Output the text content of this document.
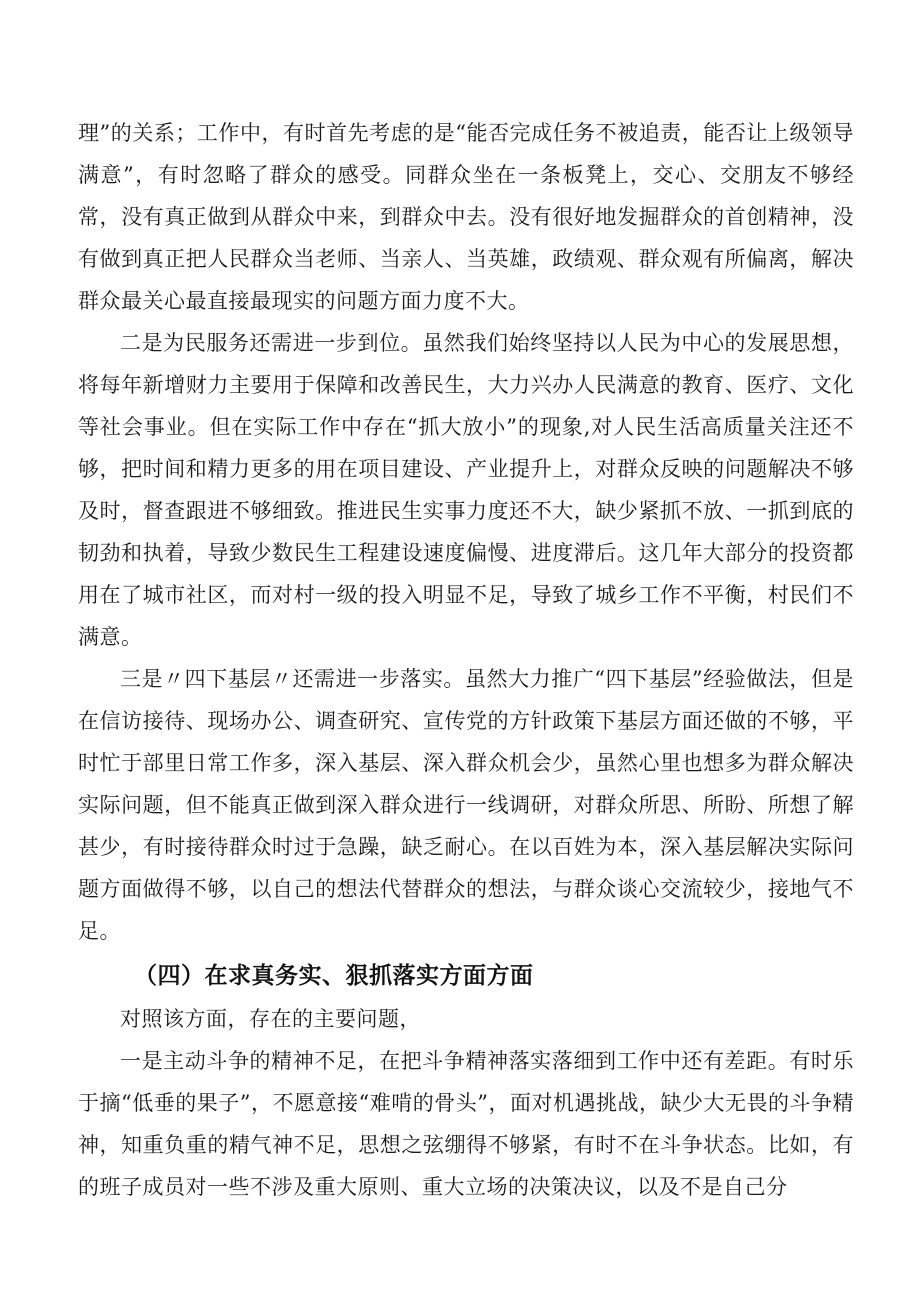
理”的关系；工作中，有时首先考虑的是“能否完成任务不被追责，能否让上级领导满意”，有时忽略了群众的感受。同群众坐在一条板凳上，交心、交朋友不够经常，没有真正做到从群众中来，到群众中去。没有很好地发掘群众的首创精神，没有做到真正把人民群众当老师、当亲人、当英雄，政绩观、群众观有所偏离，解决群众最关心最直接最现实的问题方面力度不大。

二是为民服务还需进一步到位。虽然我们始终坚持以人民为中心的发展思想，将每年新增财力主要用于保障和改善民生，大力兴办人民满意的教育、医疗、文化等社会事业。但在实际工作中存在“抓大放小”的现象,对人民生活高质量关注还不够，把时间和精力更多的用在项目建设、产业提升上，对群众反映的问题解决不够及时，督查跟进不够细致。推进民生实事力度还不大，缺少紧抓不放、一抓到底的韧劲和执着，导致少数民生工程建设速度偏慢、进度滞后。这几年大部分的投资都用在了城市社区，而对村一级的投入明显不足，导致了城乡工作不平衡，村民们不满意。

三是〃四下基层〃还需进一步落实。虽然大力推广“四下基层”经验做法，但是在信访接待、现场办公、调查研究、宣传党的方针政策下基层方面还做的不够，平时忙于部里日常工作多，深入基层、深入群众机会少，虽然心里也想多为群众解决实际问题，但不能真正做到深入群众进行一线调研，对群众所思、所盼、所想了解甚少，有时接待群众时过于急躁，缺乏耐心。在以百姓为本，深入基层解决实际问题方面做得不够，以自己的想法代替群众的想法，与群众谈心交流较少，接地气不足。

（四）在求真务实、狠抓落实方面方面

对照该方面，存在的主要问题，

一是主动斗争的精神不足，在把斗争精神落实落细到工作中还有差距。有时乐于摘“低垂的果子”，不愿意接“难啃的骨头”，面对机遇挑战，缺少大无畏的斗争精神，知重负重的精气神不足，思想之弦绷得不够紧，有时不在斗争状态。比如，有的班子成员对一些不涉及重大原则、重大立场的决策决议，以及不是自己分
